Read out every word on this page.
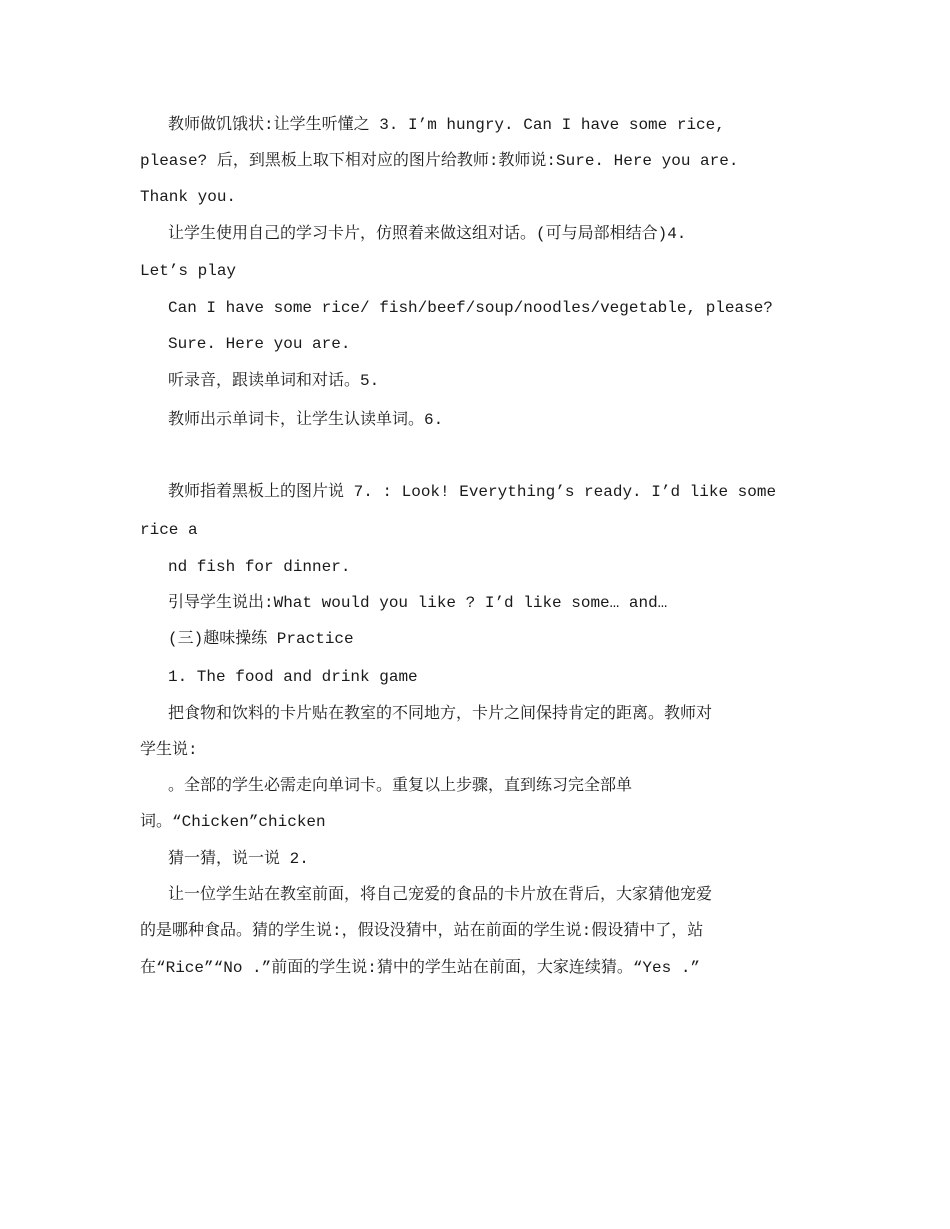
教师做饥饿状:让学生听懂之 3. I’m hungry. Can I have some rice,
please? 后，到黑板上取下相对应的图片给教师:教师说:Sure. Here you are.
Thank you.
让学生使用自己的学习卡片，仿照着来做这组对话。(可与局部相结合)4.
Let’s play
Can I have some rice/ fish/beef/soup/noodles/vegetable, please?
Sure. Here you are.
听录音，跟读单词和对话。5.
教师出示单词卡，让学生认读单词。6.
教师指着黑板上的图片说 7. : Look! Everything’s ready. I’d like some
rice a
nd fish for dinner.
引导学生说出:What would you like ? I’d like some… and…
(三)趣味操练 Practice
1. The food and drink game
把食物和饮料的卡片贴在教室的不同地方，卡片之间保持肯定的距离。教师对
学生说:
。全部的学生必需走向单词卡。重复以上步骤，直到练习完全部单
词。“Chicken”chicken
猜一猜，说一说 2.
让一位学生站在教室前面，将自己宠爱的食品的卡片放在背后，大家猜他宠爱
的是哪种食品。猜的学生说:，假设没猜中，站在前面的学生说:假设猜中了，站
在“Rice”“No .”前面的学生说:猜中的学生站在前面，大家连续猜。“Yes .”
